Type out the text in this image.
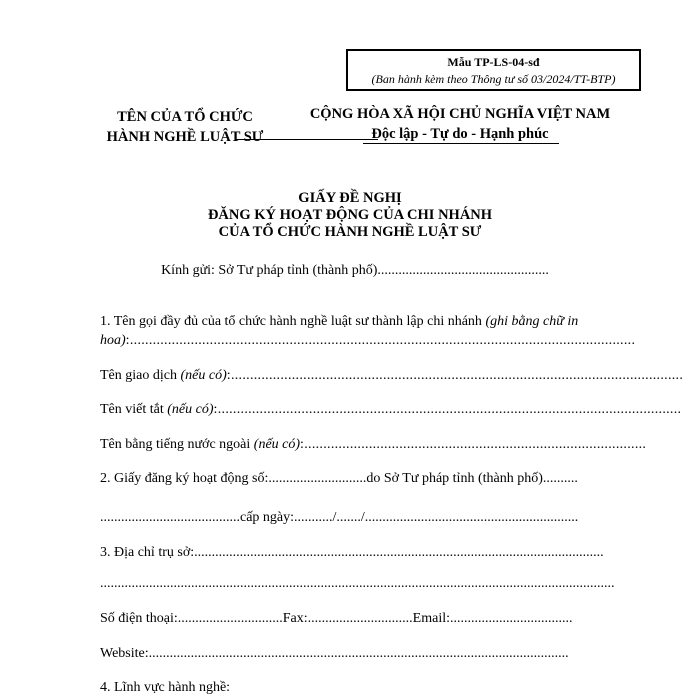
Mẫu TP-LS-04-sđ
(Ban hành kèm theo Thông tư số 03/2024/TT-BTP)
TÊN CỦA TỔ CHỨC
HÀNH NGHỀ LUẬT SƯ
CỘNG HÒA XÃ HỘI CHỦ NGHĨA VIỆT NAM
Độc lập - Tự do - Hạnh phúc
GIẤY ĐỀ NGHỊ
ĐĂNG KÝ HOẠT ĐỘNG CỦA CHI NHÁNH
CỦA TỔ CHỨC HÀNH NGHỀ LUẬT SƯ
Kính gửi: Sở Tư pháp tỉnh (thành phố).................................................
1. Tên gọi đầy đủ của tổ chức hành nghề luật sư thành lập chi nhánh (ghi bằng chữ in
hoa):.....................................................................................................................................
Tên giao dịch (nếu có):.......................................................................................................................
Tên viết tắt (nếu có):..........................................................................................................................
Tên bằng tiếng nước ngoài (nếu có):..........................................................................................
2. Giấy đăng ký hoạt động số:............................do Sở Tư pháp tỉnh (thành phố)..........
........................................cấp ngày:.........../......./.............................................................
3. Địa chỉ trụ sở:.....................................................................................................................
...................................................................................................................................................
Số điện thoại:..............................Fax:..............................Email:...................................
Website:........................................................................................................................
4. Lĩnh vực hành nghề:
